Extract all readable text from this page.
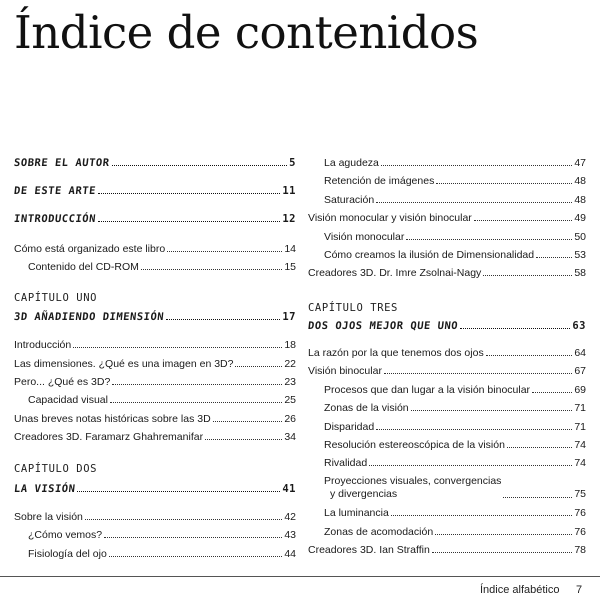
Índice de contenidos
SOBRE EL AUTOR	5
DE ESTE ARTE	11
INTRODUCCIÓN	12
Cómo está organizado este libro	14
Contenido del CD-ROM	15
CAPÍTULO UNO
3D AÑADIENDO DIMENSIÓN	17
Introducción	18
Las dimensiones. ¿Qué es una imagen en 3D?	22
Pero... ¿Qué es 3D?	23
Capacidad visual	25
Unas breves notas históricas sobre las 3D	26
Creadores 3D. Faramarz Ghahremanifar	34
CAPÍTULO DOS
LA VISIÓN	41
Sobre la visión	42
¿Cómo vemos?	43
Fisiología del ojo	44
La agudeza	47
Retención de imágenes	48
Saturación	48
Visión monocular y visión binocular	49
Visión monocular	50
Cómo creamos la ilusión de Dimensionalidad	53
Creadores 3D. Dr. Imre Zsolnai-Nagy	58
CAPÍTULO TRES
DOS OJOS MEJOR QUE UNO	63
La razón por la que tenemos dos ojos	64
Visión binocular	67
Procesos que dan lugar a la visión binocular	69
Zonas de la visión	71
Disparidad	71
Resolución estereoscópica de la visión	74
Rivalidad	74
Proyecciones visuales, convergencias
y divergencias	75
La luminancia	76
Zonas de acomodación	76
Creadores 3D. Ian Straffin	78
Índice alfabético 7
